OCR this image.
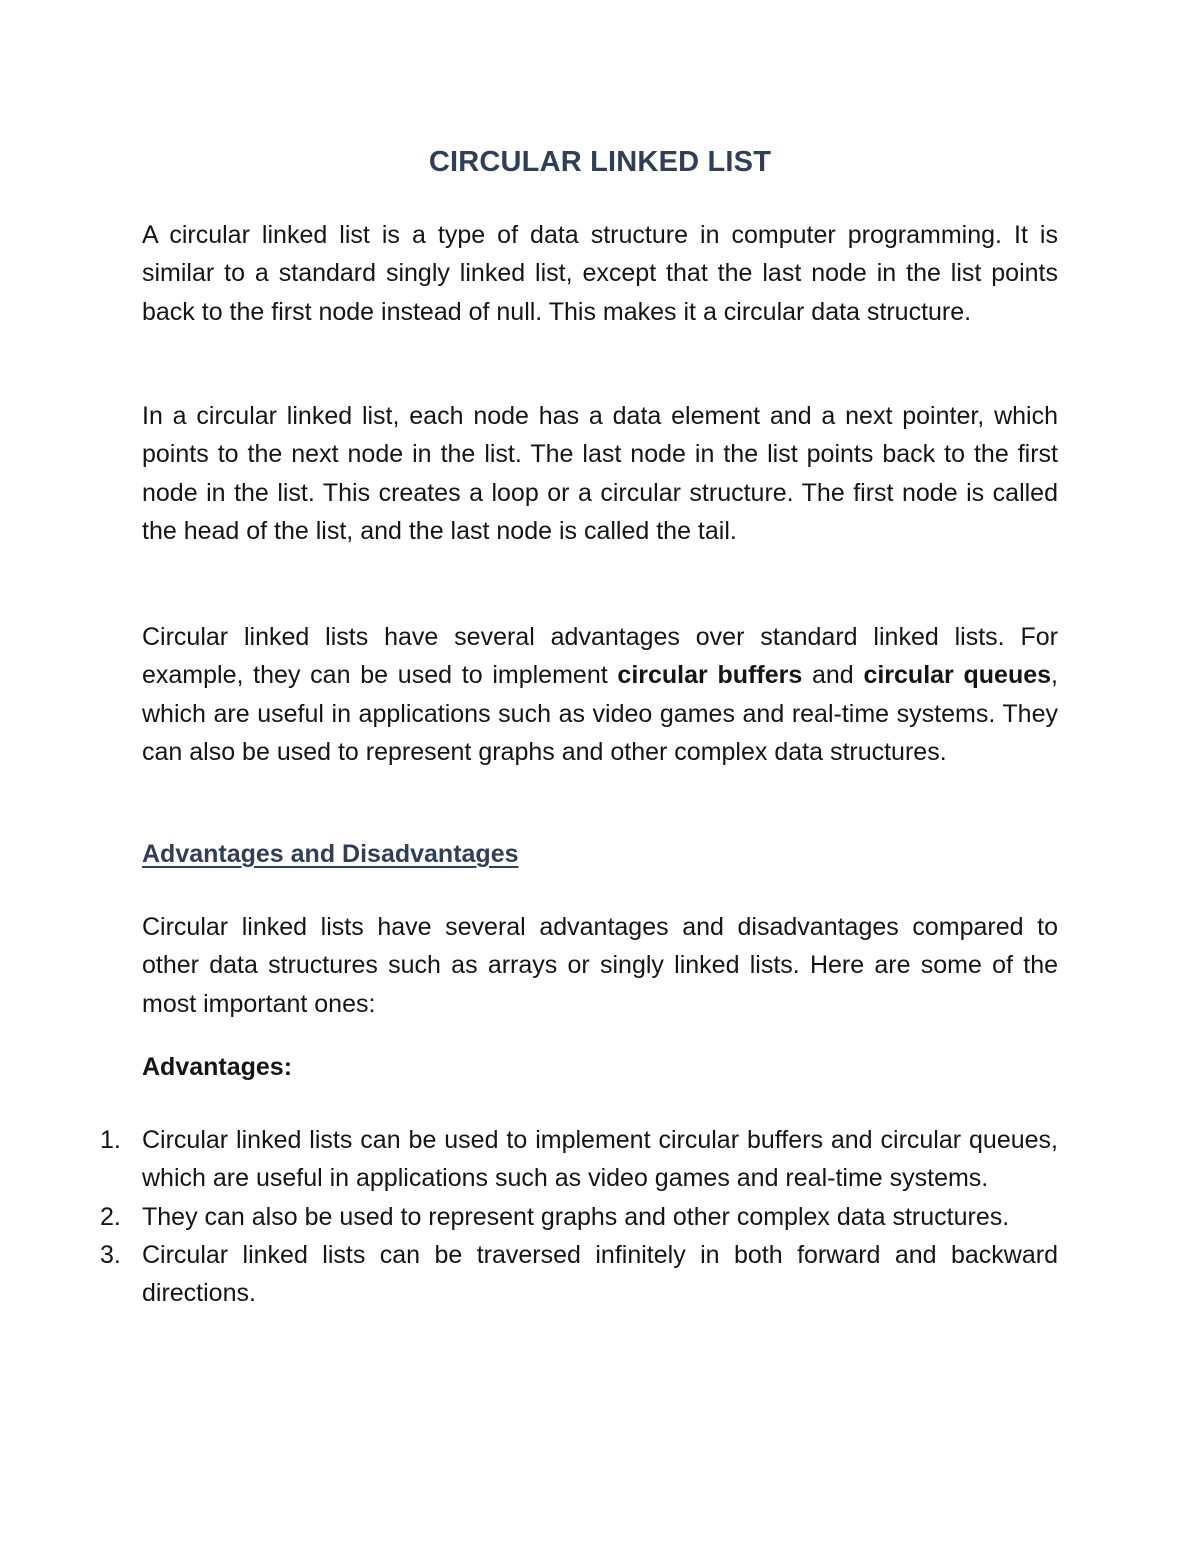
CIRCULAR LINKED LIST

A circular linked list is a type of data structure in computer programming. It is similar to a standard singly linked list, except that the last node in the list points back to the first node instead of null. This makes it a circular data structure.

In a circular linked list, each node has a data element and a next pointer, which points to the next node in the list. The last node in the list points back to the first node in the list. This creates a loop or a circular structure. The first node is called the head of the list, and the last node is called the tail.

Circular linked lists have several advantages over standard linked lists. For example, they can be used to implement circular buffers and circular queues, which are useful in applications such as video games and real-time systems. They can also be used to represent graphs and other complex data structures.

Advantages and Disadvantages

Circular linked lists have several advantages and disadvantages compared to other data structures such as arrays or singly linked lists. Here are some of the most important ones:

Advantages:
1. Circular linked lists can be used to implement circular buffers and circular queues, which are useful in applications such as video games and real-time systems.
2. They can also be used to represent graphs and other complex data structures.
3. Circular linked lists can be traversed infinitely in both forward and backward directions.
